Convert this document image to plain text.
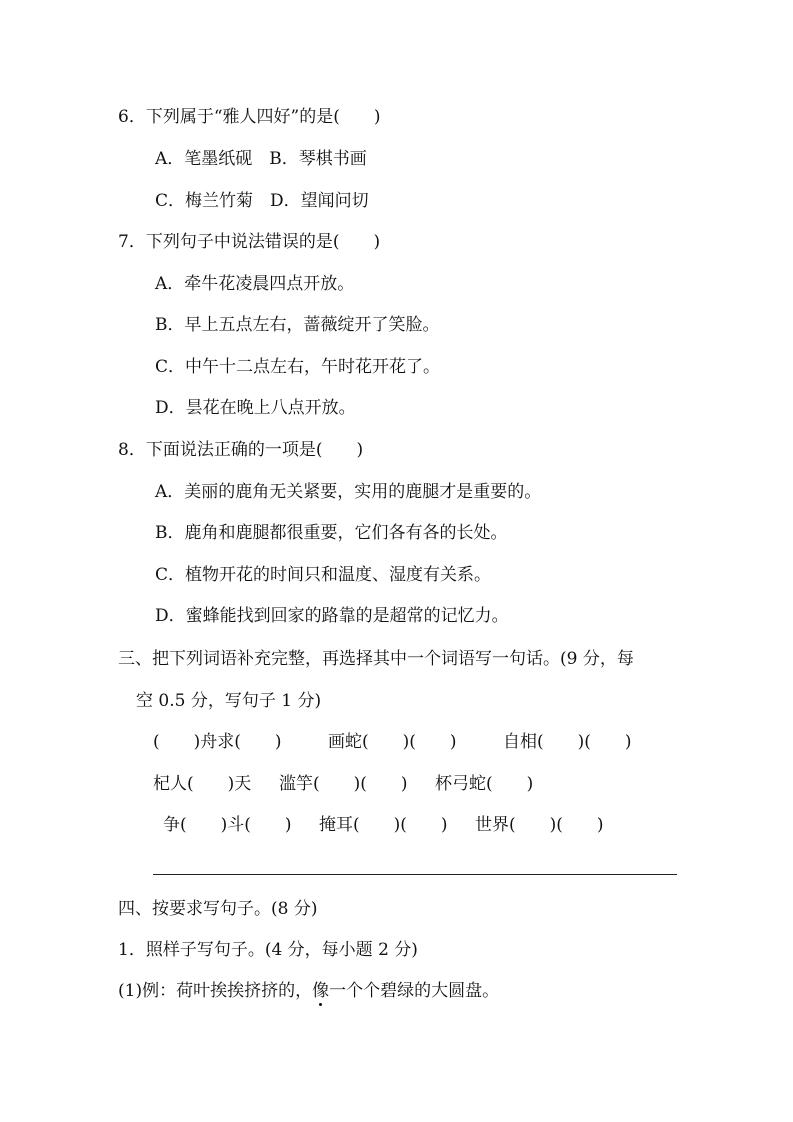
6．下列属于“雅人四好”的是(　　)
A．笔墨纸砚　B．琴棋书画
C．梅兰竹菊　D．望闻问切
7．下列句子中说法错误的是(　　)
A．牵牛花凌晨四点开放。
B．早上五点左右，蔷薇绽开了笑脸。
C．中午十二点左右，午时花开花了。
D．昙花在晚上八点开放。
8．下面说法正确的一项是(　　)
A．美丽的鹿角无关紧要，实用的鹿腿才是重要的。
B．鹿角和鹿腿都很重要，它们各有各的长处。
C．植物开花的时间只和温度、湿度有关系。
D．蜜蜂能找到回家的路靠的是超常的记忆力。
三、把下列词语补充完整，再选择其中一个词语写一句话。(9 分，每
空 0.5 分，写句子 1 分)
(　　)舟求(　　)	画蛇(　　)(　　)	自相(　　)(　　)
杞人(　　)天 滥竽(　　)(　　) 杯弓蛇(　　)
争(　　)斗(　　) 掩耳(　　)(　　) 世界(　　)(　　)
四、按要求写句子。(8 分)
1．照样子写句子。(4 分，每小题 2 分)
(1)例：荷叶挨挨挤挤的，像一个个碧绿的大圆盘。
